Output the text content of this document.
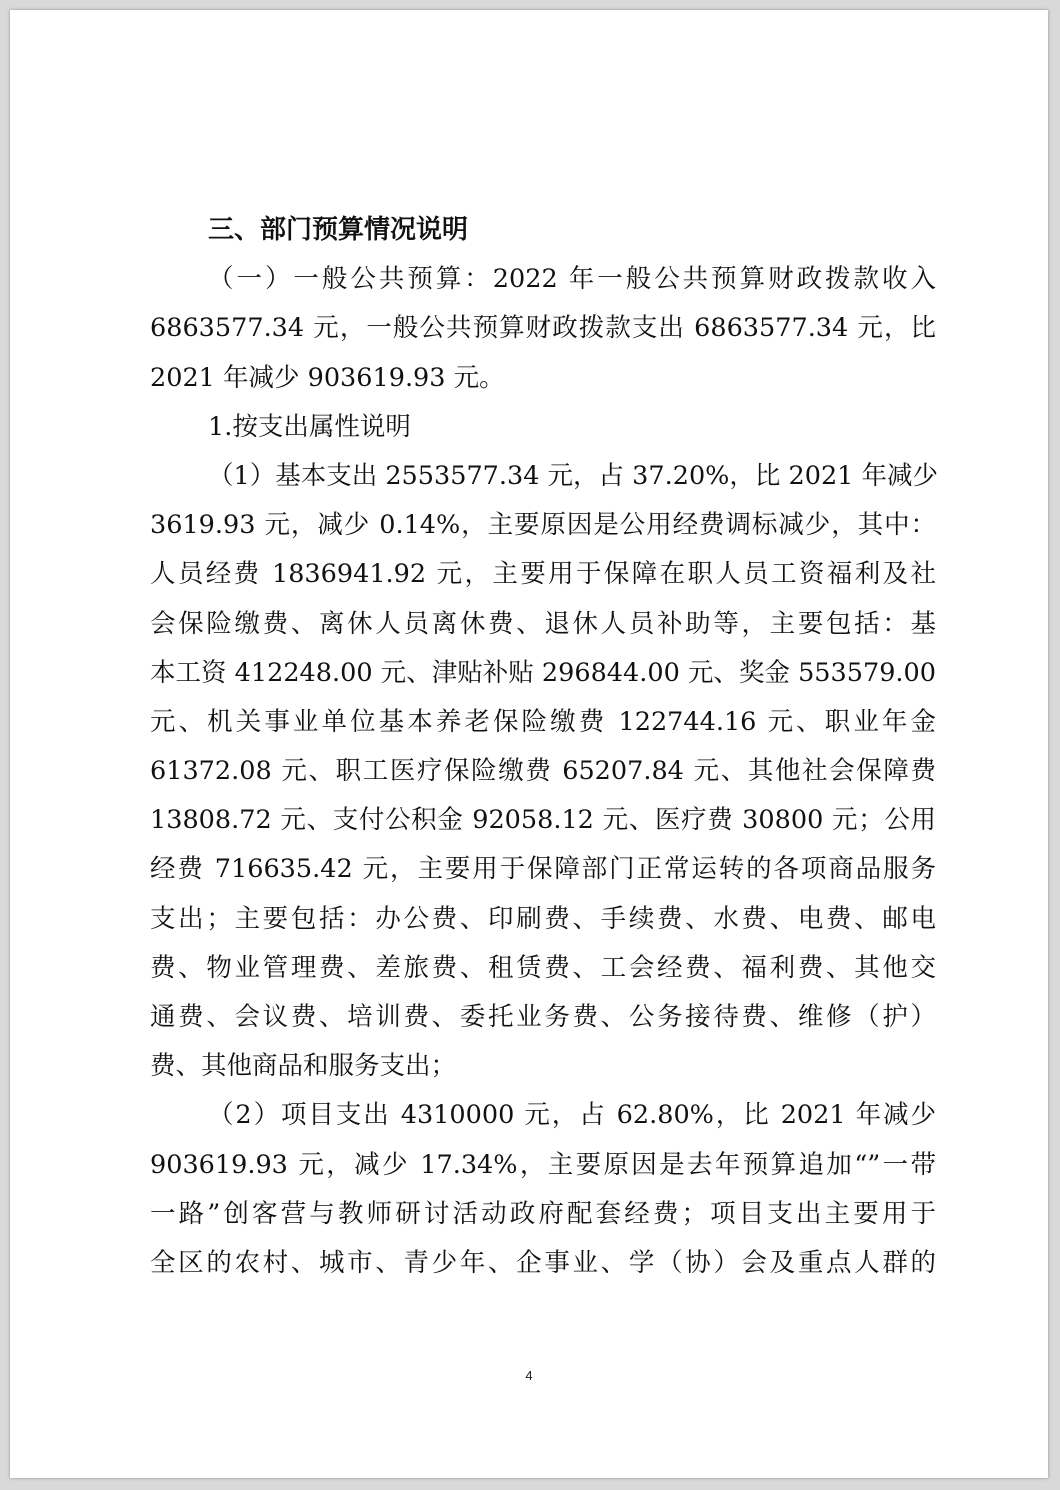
三、部门预算情况说明

（一）一般公共预算：2022 年一般公共预算财政拨款收入

6863577.34 元，一般公共预算财政拨款支出 6863577.34 元，比

2021 年减少 903619.93 元。

1.按支出属性说明

（1）基本支出 2553577.34 元，占 37.20%，比 2021 年减少

3619.93 元，减少 0.14%，主要原因是公用经费调标减少，其中：

人员经费 1836941.92 元，主要用于保障在职人员工资福利及社

会保险缴费、离休人员离休费、退休人员补助等，主要包括：基

本工资 412248.00 元、津贴补贴 296844.00 元、奖金 553579.00

元、机关事业单位基本养老保险缴费 122744.16 元、职业年金

61372.08 元、职工医疗保险缴费 65207.84 元、其他社会保障费

13808.72 元、支付公积金 92058.12 元、医疗费 30800 元；公用

经费 716635.42 元，主要用于保障部门正常运转的各项商品服务

支出；主要包括：办公费、印刷费、手续费、水费、电费、邮电

费、物业管理费、差旅费、租赁费、工会经费、福利费、其他交

通费、会议费、培训费、委托业务费、公务接待费、维修（护）

费、其他商品和服务支出；

（2）项目支出 4310000 元，占 62.80%，比 2021 年减少

903619.93 元，减少 17.34%，主要原因是去年预算追加“”一带

一路”创客营与教师研讨活动政府配套经费；项目支出主要用于

全区的农村、城市、青少年、企事业、学（协）会及重点人群的

4
